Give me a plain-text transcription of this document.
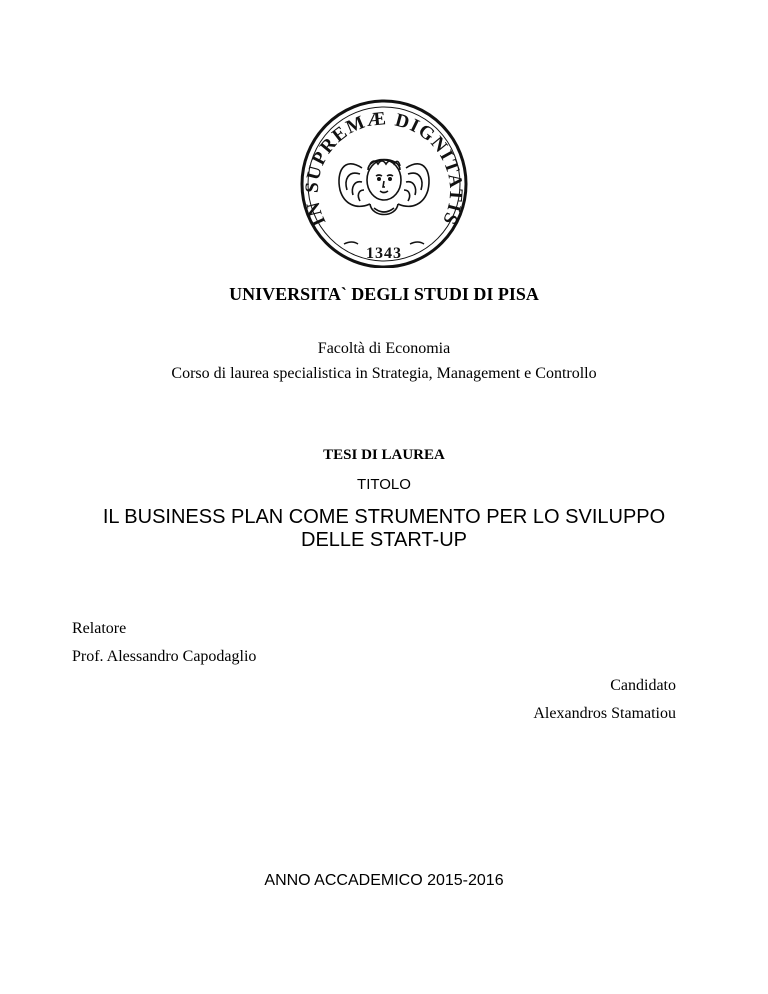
IN SUPREMÆ DIGNITATIS
1343
UNIVERSITA` DEGLI STUDI DI PISA
Facoltà di Economia
Corso di laurea specialistica in Strategia, Management e Controllo
TESI DI LAUREA
TITOLO
IL BUSINESS PLAN COME STRUMENTO PER LO SVILUPPO
DELLE START-UP
Relatore
Prof. Alessandro Capodaglio
Candidato
Alexandros Stamatiou
ANNO ACCADEMICO 2015-2016
